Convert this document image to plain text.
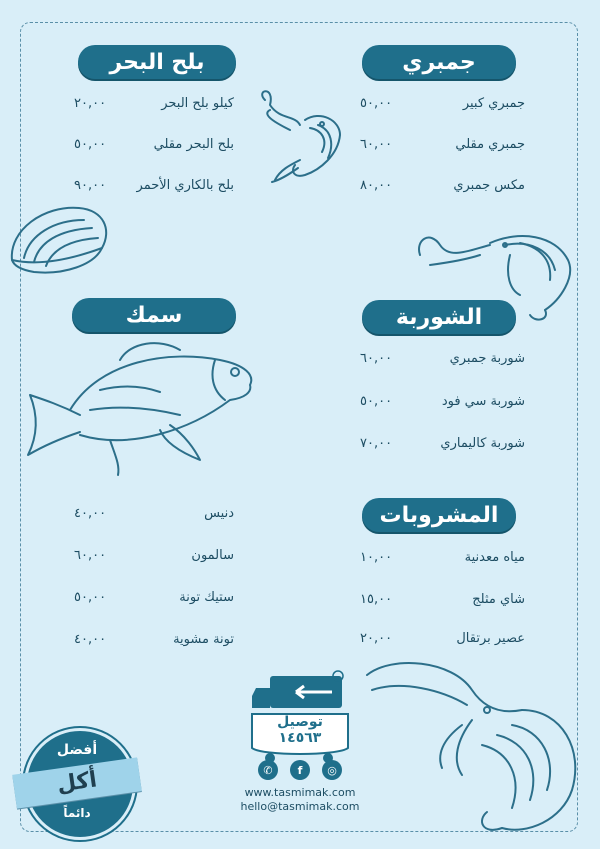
جمبري
جمبري كبير
٥٠,٠٠
جمبري مقلي
٦٠,٠٠
مكس جمبري
٨٠,٠٠
بلح البحر
كيلو بلح البحر
٢٠,٠٠
بلح البحر مقلي
٥٠,٠٠
بلح بالكاري الأحمر
٩٠,٠٠
الشوربة
شوربة جمبري
٦٠,٠٠
شوربة سي فود
٥٠,٠٠
شوربة كاليماري
٧٠,٠٠
سمك
دنيس
٤٠,٠٠
سالمون
٦٠,٠٠
ستيك تونة
٥٠,٠٠
تونة مشوية
٤٠,٠٠
المشروبات
مياه معدنية
١٠,٠٠
شاي مثلج
١٥,٠٠
عصير برتقال
٢٠,٠٠
توصيل
١٤٥٦٣
✆	f	◎
www.tasmimak.com
hello@tasmimak.com
أفضل
أكل
دائماً
